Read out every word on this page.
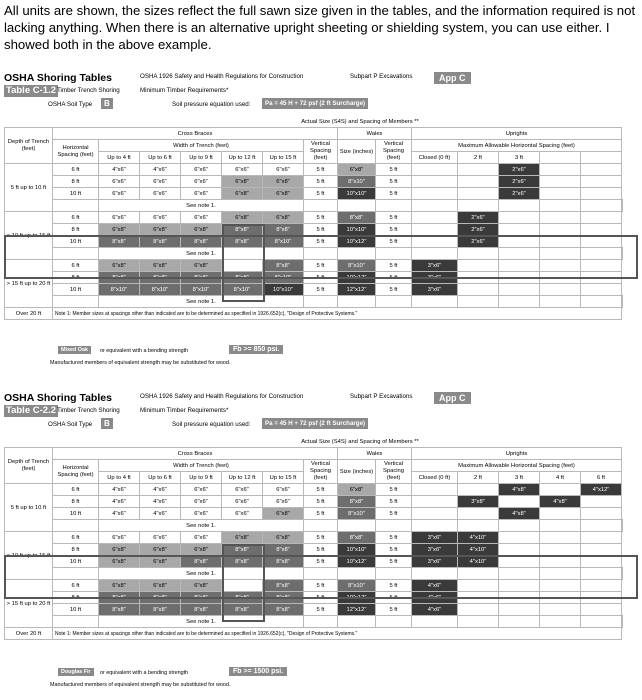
All units are shown, the sizes reflect the full sawn size given in the tables, and the information required is not lacking anything. When there is an alternative upright sheeting or shielding system, you can use either. I showed both in the above example.
OSHA Shoring Tables	OSHA 1926 Safety and Health Regulations for Construction	Subpart P Excavations	App C
Table C-1.2 Timber Trench Shoring	Minimum Timber Requirements*
OSHA Soil Type	B	Soil pressure equation used:	Pa = 45 H + 72 psf (2 ft Surcharge)
		Actual Size (S4S) and Spacing of Members **													
Depth of Trench (feet)	Cross Braces							Wales		Uprights					
	Horizontal Spacing (feet)	Width of Trench (feet)					Vertical Spacing (feet)	Size (inches)	Vertical Spacing (feet)	Maximum Allowable Horizontal Spacing (feet)					
		Up to 4 ft	Up to 6 ft	Up to 9 ft	Up to 12 ft	Up to 15 ft				Closed (0 ft)	2 ft	3 ft			
5 ft up to 10 ft	6 ft	4"x6"	4"x6"	6"x6"	6"x6"	6"x6"	5 ft	6"x8"	5 ft			2"x6"			
	8 ft	6"x6"	6"x6"	6"x6"	6"x8"	6"x8"	5 ft	8"x10"	5 ft			2"x6"			
	10 ft	6"x6"	6"x6"	6"x6"	6"x8"	6"x8"	5 ft	10"x10"	5 ft			2"x6"			
		See note 1.													
> 10 ft up to 15 ft	6 ft	6"x6"	6"x6"	6"x6"	6"x8"	6"x8"	5 ft	8"x8"	5 ft		2"x6"				
	8 ft	6"x8"	6"x8"	6"x8"	8"x8"	8"x8"	5 ft	10"x10"	5 ft		2"x6"				
	10 ft	8"x8"	8"x8"	8"x8"	8"x8"	8"x10"	5 ft	10"x12"	5 ft		2"x6"				
		See note 1.													
> 15 ft up to 20 ft	6 ft	6"x8"	6"x8"	6"x8"		8"x8"	5 ft	8"x10"	5 ft	3"x6"					
	8 ft	8"x8"	8"x8"	8"x8"	8"x8"	8"x10"	5 ft	10"x12"	5 ft	3"x6"					
	10 ft	8"x10"	8"x10"	8"x10"	8"x10"	10"x10"	5 ft	12"x12"	5 ft	3"x6"					
		See note 1.													
Over 20 ft	Note 1: Member sizes at spacings other than indicated are to be determined as specified in 1926.652(c), "Design of Protective Systems."														
Mixed Oak	or equivalent with a bending strength	Fb >= 850 psi.
Manufactured members of equivalent strength may be substituted for wood.
OSHA Shoring Tables	OSHA 1926 Safety and Health Regulations for Construction	Subpart P Excavations	App C
Table C-2.2 Timber Trench Shoring	Minimum Timber Requirements*
OSHA Soil Type	B	Soil pressure equation used:	Pa = 45 H + 72 psf (2 ft Surcharge)
		Actual Size (S4S) and Spacing of Members **													
Depth of Trench (feet)	Cross Braces							Wales		Uprights					
	Horizontal Spacing (feet)	Width of Trench (feet)					Vertical Spacing (feet)	Size (inches)	Vertical Spacing (feet)	Maximum Allowable Horizontal Spacing (feet)					
		Up to 4 ft	Up to 6 ft	Up to 9 ft	Up to 12 ft	Up to 15 ft				Closed (0 ft)	2 ft	3 ft	4 ft	6 ft	
5 ft up to 10 ft	6 ft	4"x6"	4"x6"	6"x6"	6"x6"	6"x6"	5 ft	6"x8"	5 ft			4"x8"		4"x12"	
	8 ft	4"x6"	4"x6"	6"x6"	6"x6"	6"x6"	5 ft	8"x8"	5 ft		3"x8"		4"x8"		
	10 ft	4"x6"	4"x6"	6"x6"	6"x6"	6"x8"	5 ft	8"x10"	5 ft			4"x8"			
		See note 1.													
> 10 ft up to 15 ft	6 ft	6"x6"	6"x6"	6"x6"	6"x8"	6"x8"	5 ft	8"x8"	5 ft	3"x6"	4"x10"				
	8 ft	6"x8"	6"x8"	6"x8"	8"x8"	8"x8"	5 ft	10"x10"	5 ft	3"x6"	4"x10"				
	10 ft	6"x8"	6"x8"	8"x8"	8"x8"	8"x8"	5 ft	10"x12"	5 ft	3"x6"	4"x10"				
		See note 1.													
> 15 ft up to 20 ft	6 ft	6"x8"	6"x8"	6"x8"		8"x8"	5 ft	8"x10"	5 ft	4"x6"					
	8 ft	8"x8"	8"x8"	8"x8"	8"x8"	8"x8"	5 ft	10"x12"	5 ft	4"x6"					
	10 ft	8"x8"	8"x8"	8"x8"	8"x8"	8"x8"	5 ft	12"x12"	5 ft	4"x6"					
		See note 1.													
Over 20 ft	Note 1: Member sizes at spacings other than indicated are to be determined as specified in 1926.652(c), "Design of Protective Systems."														
Douglas Fir	or equivalent with a bending strength	Fb >= 1500 psi.
Manufactured members of equivalent strength may be substituted for wood.
